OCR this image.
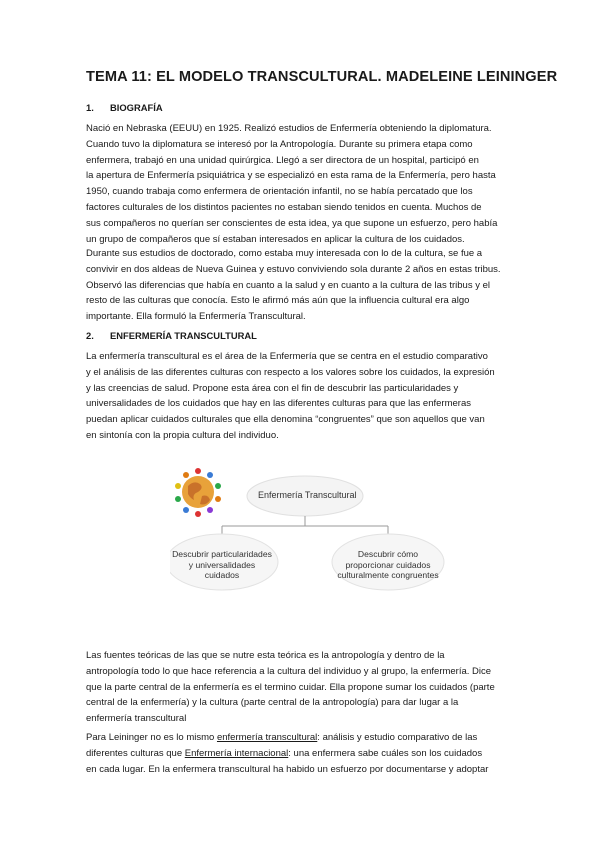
TEMA 11: EL MODELO TRANSCULTURAL. MADELEINE LEININGER
1. BIOGRAFÍA
Nació en Nebraska (EEUU) en 1925. Realizó estudios de Enfermería obteniendo la diplomatura.
Cuando tuvo la diplomatura se interesó por la Antropología. Durante su primera etapa como
enfermera, trabajó en una unidad quirúrgica. Llegó a ser directora de un hospital, participó en
la apertura de Enfermería psiquiátrica y se especializó en esta rama de la Enfermería, pero hasta
1950, cuando trabaja como enfermera de orientación infantil, no se había percatado que los
factores culturales de los distintos pacientes no estaban siendo tenidos en cuenta. Muchos de
sus compañeros no querían ser conscientes de esta idea, ya que supone un esfuerzo, pero había
un grupo de compañeros que sí estaban interesados en aplicar la cultura de los cuidados.
Durante sus estudios de doctorado, como estaba muy interesada con lo de la cultura, se fue a
convivir en dos aldeas de Nueva Guinea y estuvo conviviendo sola durante 2 años en estas tribus.
Observó las diferencias que había en cuanto a la salud y en cuanto a la cultura de las tribus y el
resto de las culturas que conocía. Esto le afirmó más aún que la influencia cultural era algo
importante. Ella formuló la Enfermería Transcultural.
2. ENFERMERÍA TRANSCULTURAL
La enfermería transcultural es el área de la Enfermería que se centra en el estudio comparativo
y el análisis de las diferentes culturas con respecto a los valores sobre los cuidados, la expresión
y las creencias de salud. Propone esta área con el fin de descubrir las particularidades y
universalidades de los cuidados que hay en las diferentes culturas para que las enfermeras
puedan aplicar cuidados culturales que ella denomina “congruentes” que son aquellos que van
en sintonía con la propia cultura del individuo.
Enfermería Transcultural
Descubrir particularidades
y universalidades
cuidados
Descubrir cómo
proporcionar cuidados
culturalmente congruentes
Las fuentes teóricas de las que se nutre esta teórica es la antropología y dentro de la
antropología todo lo que hace referencia a la cultura del individuo y al grupo, la enfermería. Dice
que la parte central de la enfermería es el termino cuidar. Ella propone sumar los cuidados (parte
central de la enfermería) y la cultura (parte central de la antropología) para dar lugar a la
enfermería transcultural
Para Leininger no es lo mismo enfermería transcultural: análisis y estudio comparativo de las
diferentes culturas que Enfermería internacional: una enfermera sabe cuáles son los cuidados
en cada lugar. En la enfermera transcultural ha habido un esfuerzo por documentarse y adoptar
